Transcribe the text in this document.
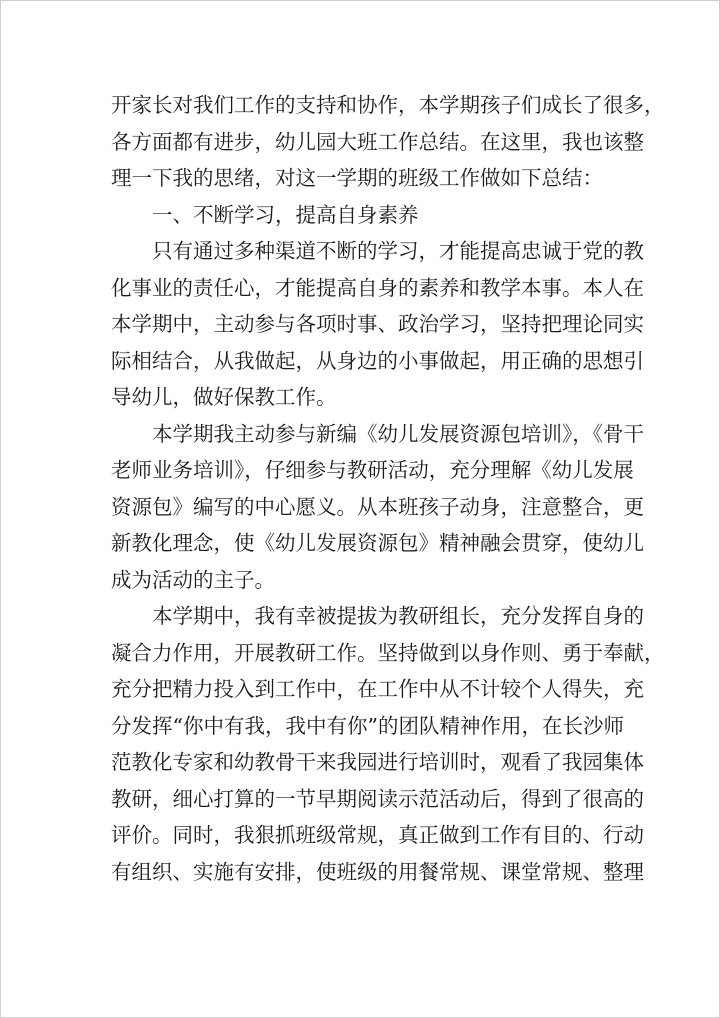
开家长对我们工作的支持和协作，本学期孩子们成长了很多，
各方面都有进步，幼儿园大班工作总结。在这里，我也该整
理一下我的思绪，对这一学期的班级工作做如下总结：
一、不断学习，提高自身素养
只有通过多种渠道不断的学习，才能提高忠诚于党的教
化事业的责任心，才能提高自身的素养和教学本事。本人在
本学期中，主动参与各项时事、政治学习，坚持把理论同实
际相结合，从我做起，从身边的小事做起，用正确的思想引
导幼儿，做好保教工作。
本学期我主动参与新编《幼儿发展资源包培训》，《骨干
老师业务培训》，仔细参与教研活动，充分理解《幼儿发展
资源包》编写的中心愿义。从本班孩子动身，注意整合，更
新教化理念，使《幼儿发展资源包》精神融会贯穿，使幼儿
成为活动的主子。
本学期中，我有幸被提拔为教研组长，充分发挥自身的
凝合力作用，开展教研工作。坚持做到以身作则、勇于奉献，
充分把精力投入到工作中，在工作中从不计较个人得失，充
分发挥“你中有我，我中有你”的团队精神作用，在长沙师
范教化专家和幼教骨干来我园进行培训时，观看了我园集体
教研，细心打算的一节早期阅读示范活动后，得到了很高的
评价。同时，我狠抓班级常规，真正做到工作有目的、行动
有组织、实施有安排，使班级的用餐常规、课堂常规、整理
